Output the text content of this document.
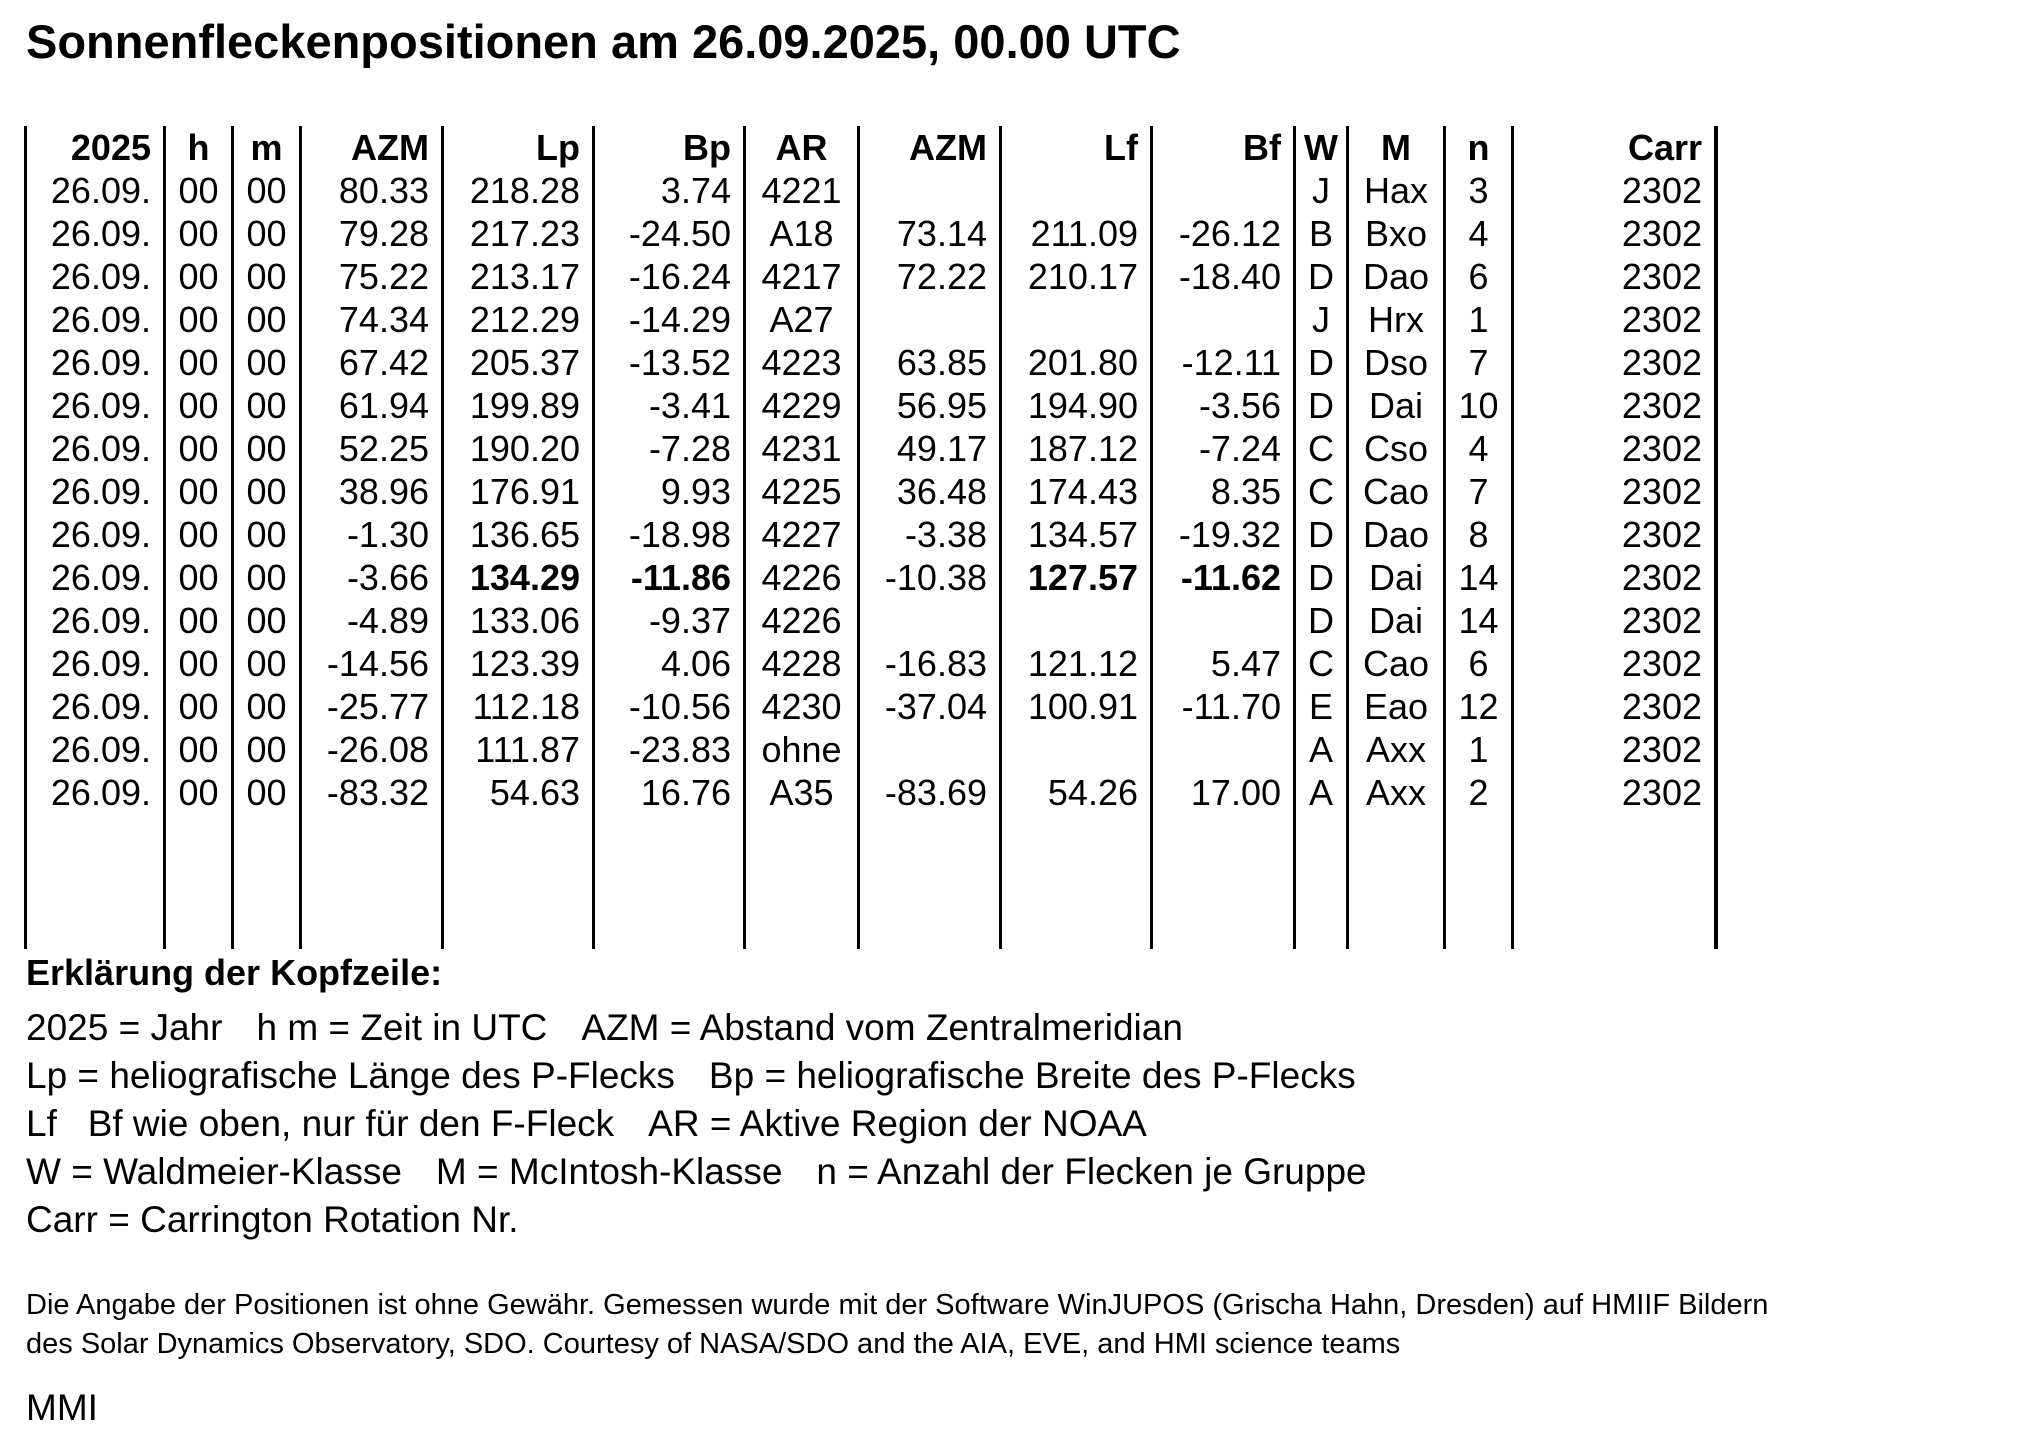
Sonnenfleckenpositionen am 26.09.2025, 00.00 UTC
2025	h	m	AZM	Lp	Bp	AR	AZM	Lf	Bf	W	M	n	Carr
26.09.	00	00	80.33	218.28	3.74	4221				J	Hax	3	2302
26.09.	00	00	79.28	217.23	-24.50	A18	73.14	211.09	-26.12	B	Bxo	4	2302
26.09.	00	00	75.22	213.17	-16.24	4217	72.22	210.17	-18.40	D	Dao	6	2302
26.09.	00	00	74.34	212.29	-14.29	A27				J	Hrx	1	2302
26.09.	00	00	67.42	205.37	-13.52	4223	63.85	201.80	-12.11	D	Dso	7	2302
26.09.	00	00	61.94	199.89	-3.41	4229	56.95	194.90	-3.56	D	Dai	10	2302
26.09.	00	00	52.25	190.20	-7.28	4231	49.17	187.12	-7.24	C	Cso	4	2302
26.09.	00	00	38.96	176.91	9.93	4225	36.48	174.43	8.35	C	Cao	7	2302
26.09.	00	00	-1.30	136.65	-18.98	4227	-3.38	134.57	-19.32	D	Dao	8	2302
26.09.	00	00	-3.66	134.29	-11.86	4226	-10.38	127.57	-11.62	D	Dai	14	2302
26.09.	00	00	-4.89	133.06	-9.37	4226				D	Dai	14	2302
26.09.	00	00	-14.56	123.39	4.06	4228	-16.83	121.12	5.47	C	Cao	6	2302
26.09.	00	00	-25.77	112.18	-10.56	4230	-37.04	100.91	-11.70	E	Eao	12	2302
26.09.	00	00	-26.08	111.87	-23.83	ohne				A	Axx	1	2302
26.09.	00	00	-83.32	54.63	16.76	A35	-83.69	54.26	17.00	A	Axx	2	2302

Erklärung der Kopfzeile:
2025 = Jahr h m = Zeit in UTC AZM = Abstand vom Zentralmeridian
Lp = heliografische Länge des P-Flecks Bp = heliografische Breite des P-Flecks
Lf   Bf wie oben, nur für den F-Fleck AR = Aktive Region der NOAA
W = Waldmeier-Klasse M = McIntosh-Klasse n = Anzahl der Flecken je Gruppe
Carr = Carrington Rotation Nr.
Die Angabe der Positionen ist ohne Gewähr. Gemessen wurde mit der Software WinJUPOS (Grischa Hahn, Dresden) auf HMIIF Bildern
des Solar Dynamics Observatory, SDO. Courtesy of NASA/SDO and the AIA, EVE, and HMI science teams
MMI
